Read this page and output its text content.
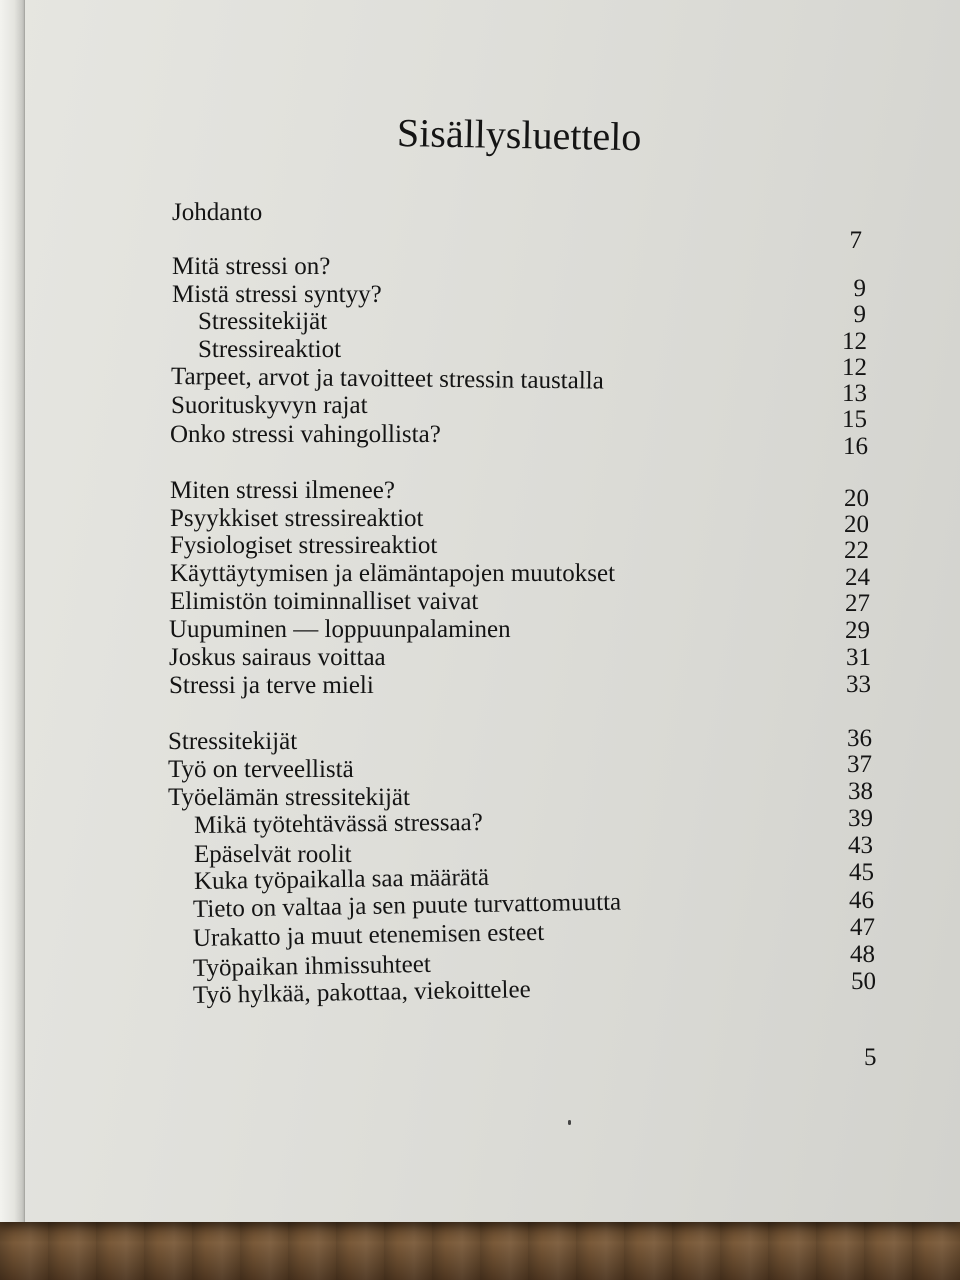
Sisällysluettelo
Johdanto
Mitä stressi on?
Mistä stressi syntyy?
Stressitekijät
Stressireaktiot
Tarpeet, arvot ja tavoitteet stressin taustalla
Suorituskyvyn rajat
Onko stressi vahingollista?
Miten stressi ilmenee?
Psyykkiset stressireaktiot
Fysiologiset stressireaktiot
Käyttäytymisen ja elämäntapojen muutokset
Elimistön toiminnalliset vaivat
Uupuminen — loppuunpalaminen
Joskus sairaus voittaa
Stressi ja terve mieli
Stressitekijät
Työ on terveellistä
Työelämän stressitekijät
Mikä työtehtävässä stressaa?
Epäselvät roolit
Kuka työpaikalla saa määrätä
Tieto on valtaa ja sen puute turvattomuutta
Urakatto ja muut etenemisen esteet
Työpaikan ihmissuhteet
Työ hylkää, pakottaa, viekoittelee
7
9
9
12
12
13
15
16
20
20
22
24
27
29
31
33
36
37
38
39
43
45
46
47
48
50
5
